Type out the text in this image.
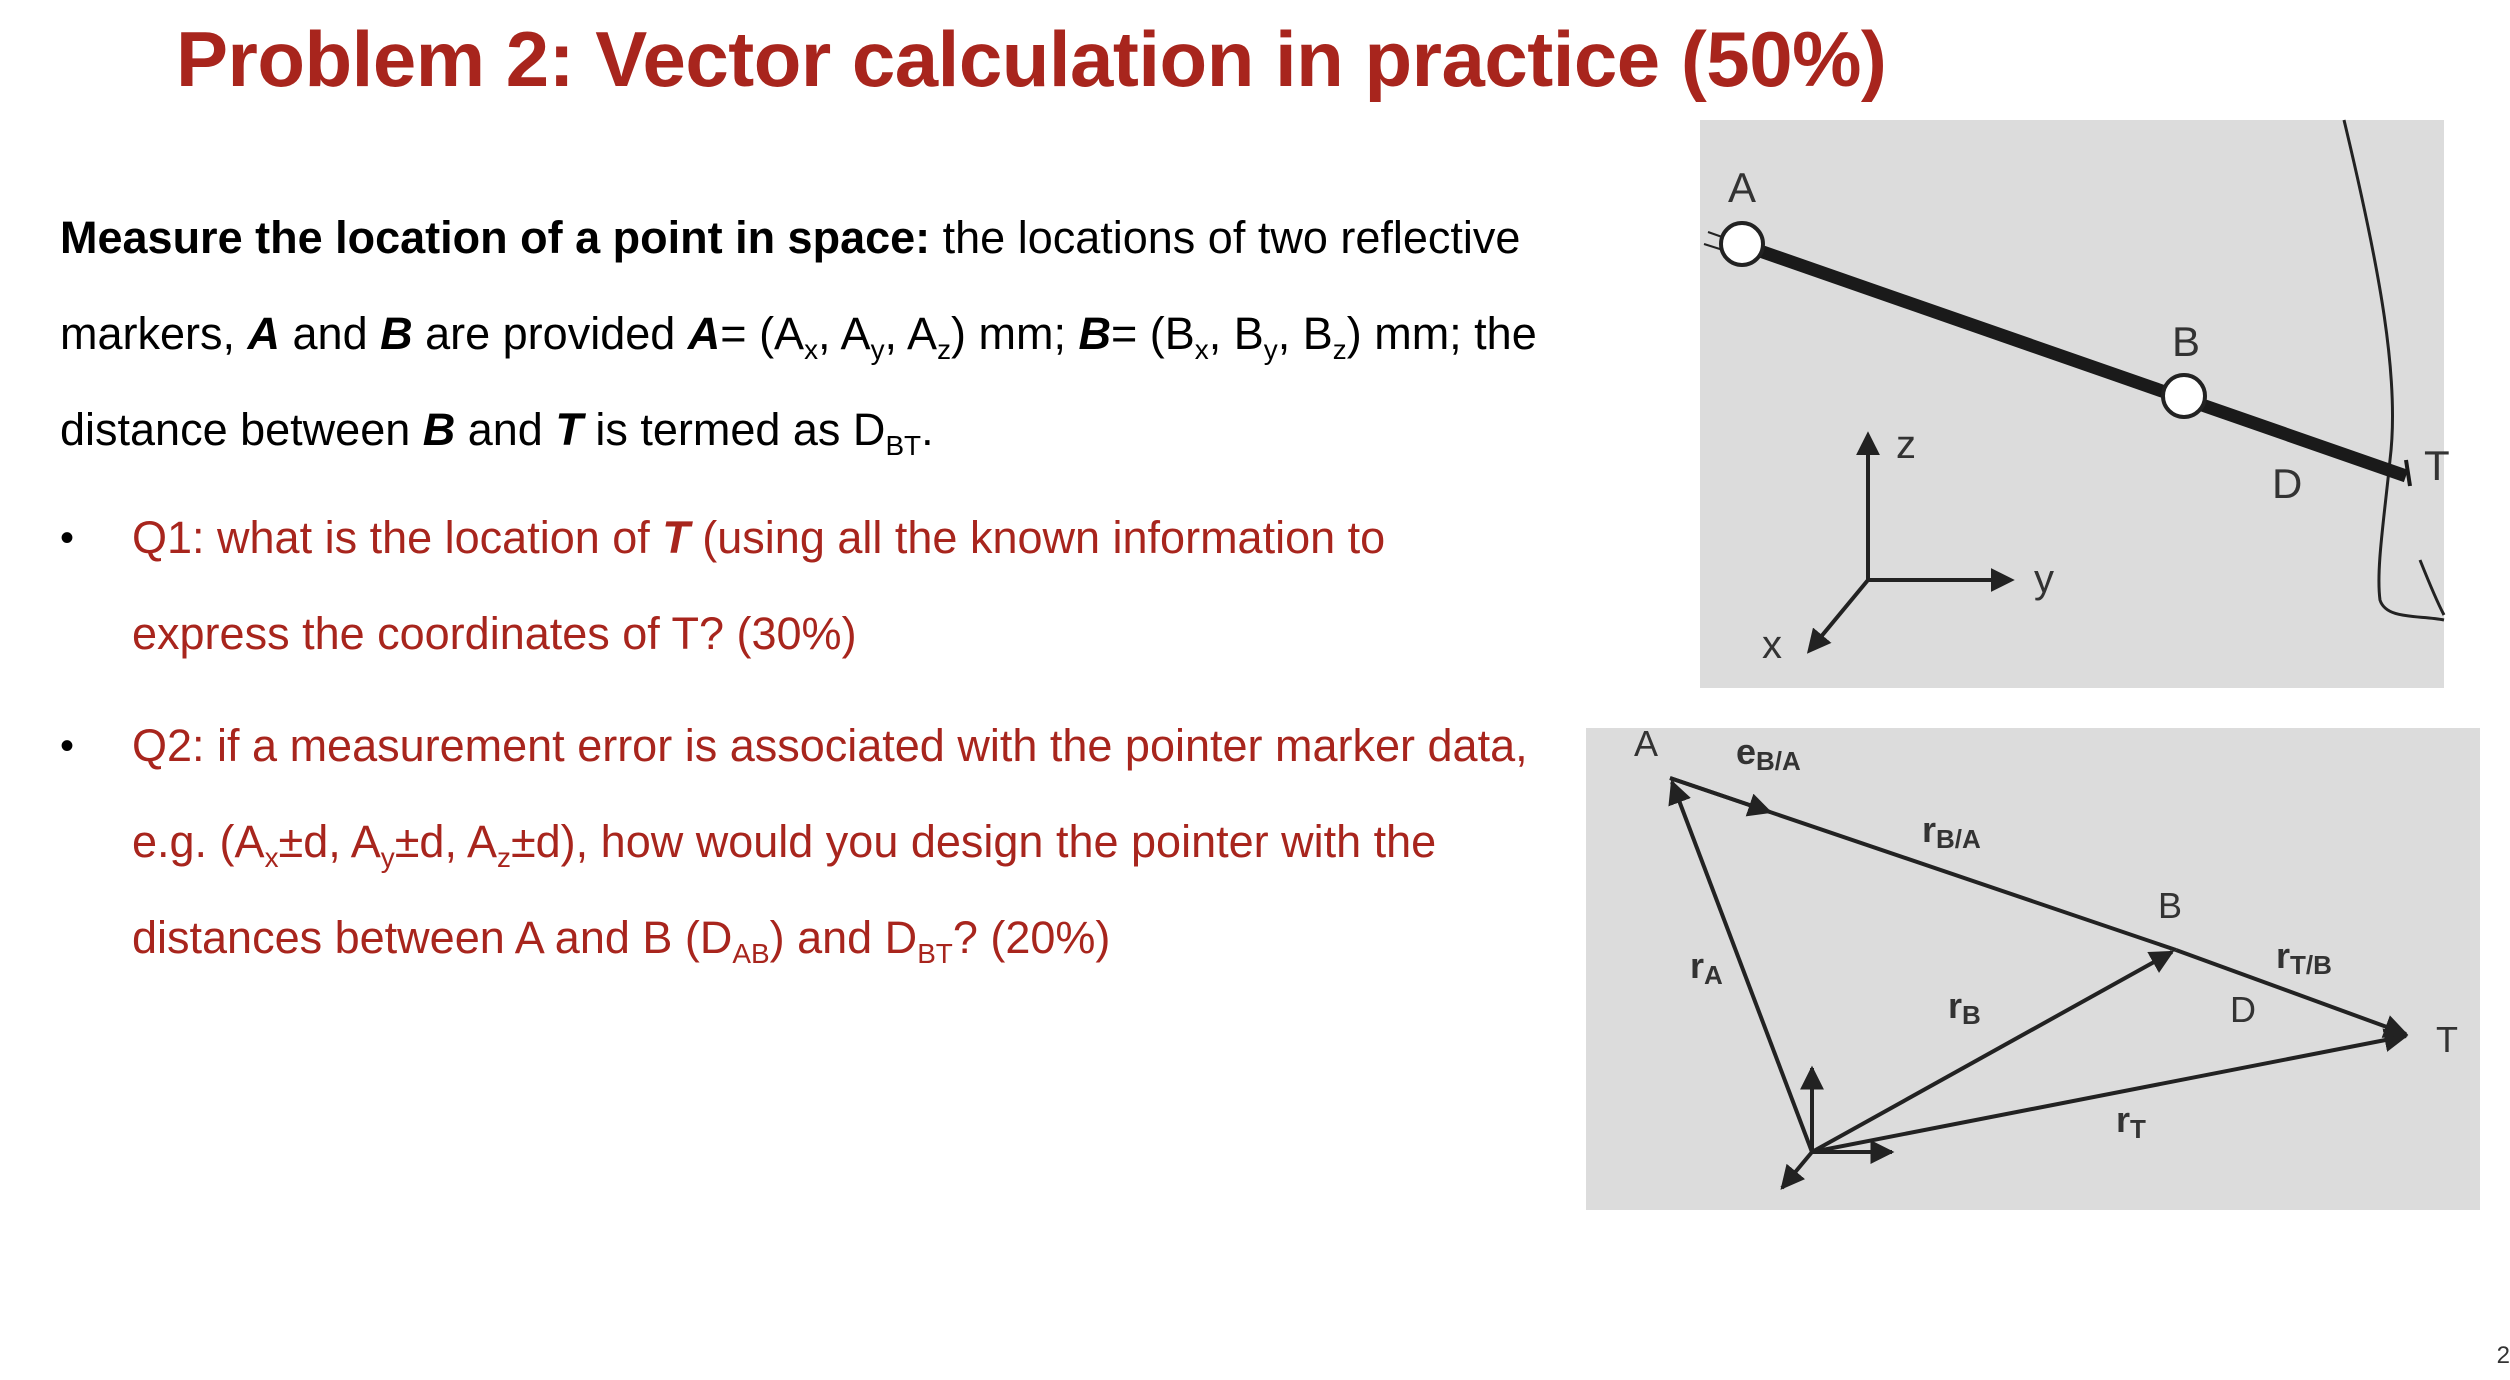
Problem 2: Vector calculation in practice (50%)
Measure the location of a point in space: the locations of two reflective markers, A and B are provided $A= (A_x$, $A_y$, $A_z$) mm; $B= (B_x$, $B_y$, $B_z$) mm; the distance between B and T is termed as $D_{BT}$.
• Q1: what is the location of T (using all the known information to express the coordinates of T? (30%)
• Q2: if a measurement error is associated with the pointer marker data, e.g. ($A_x\pm d$, $A_y\pm d$, $A_z\pm d$), how would you design the pointer with the distances between A and B $(D_{AB})$ and $D_{BT}$? (20%)
A
B
D	T
z
y
x
A
B
T
D
eB/A
rB/A
rT/B
rA
rB
rT
2
